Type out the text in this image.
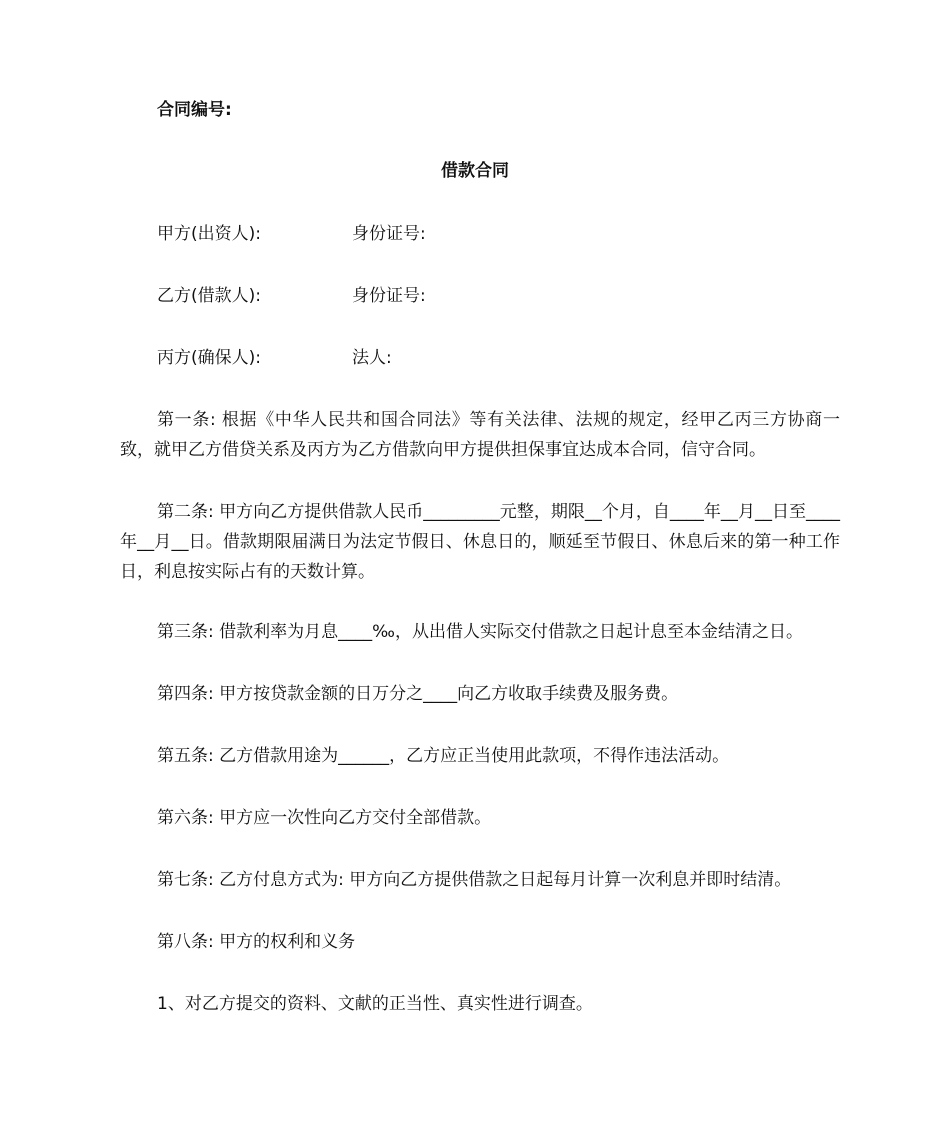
合同编号:
借款合同
甲方(出资人):	身份证号:
乙方(借款人):	身份证号:
丙方(确保人):	法人:

第一条: 根据《中华人民共和国合同法》等有关法律、法规的规定，经甲乙丙三方协商一致，就甲乙方借贷关系及丙方为乙方借款向甲方提供担保事宜达成本合同，信守合同。

第二条: 甲方向乙方提供借款人民币_________元整，期限__个月，自____年__月__日至____年__月__日。借款期限届满日为法定节假日、休息日的，顺延至节假日、休息后来的第一种工作日，利息按实际占有的天数计算。

第三条: 借款利率为月息____‰，从出借人实际交付借款之日起计息至本金结清之日。

第四条: 甲方按贷款金额的日万分之____向乙方收取手续费及服务费。

第五条: 乙方借款用途为______，乙方应正当使用此款项，不得作违法活动。

第六条: 甲方应一次性向乙方交付全部借款。

第七条: 乙方付息方式为: 甲方向乙方提供借款之日起每月计算一次利息并即时结清。

第八条: 甲方的权利和义务

1、对乙方提交的资料、文献的正当性、真实性进行调查。
